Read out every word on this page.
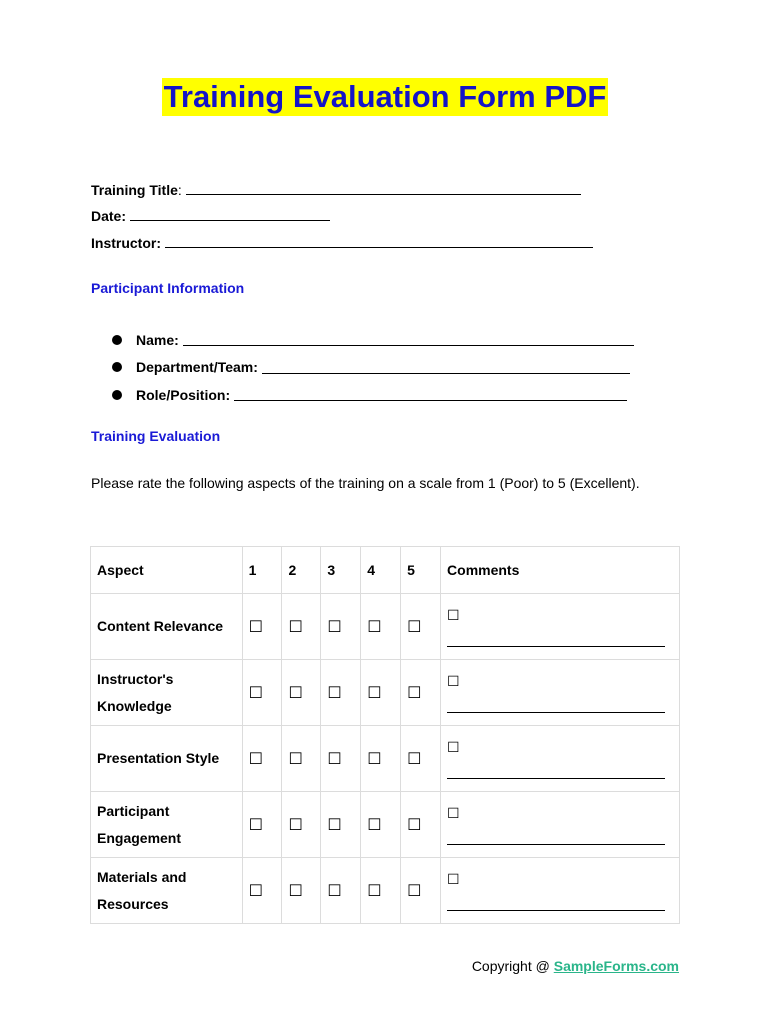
Training Evaluation Form PDF
Training Title:
Date:
Instructor:
Participant Information
Name:
Department/Team:
Role/Position:
Training Evaluation
Please rate the following aspects of the training on a scale from 1 (Poor) to 5 (Excellent).
Aspect	1	2	3	4	5	Comments
Content Relevance	☐	☐	☐	☐	☐	☐

Instructor's Knowledge	☐	☐	☐	☐	☐	☐

Presentation Style	☐	☐	☐	☐	☐	☐

Participant Engagement	☐	☐	☐	☐	☐	☐

Materials and Resources	☐	☐	☐	☐	☐	☐
Copyright @ SampleForms.com
